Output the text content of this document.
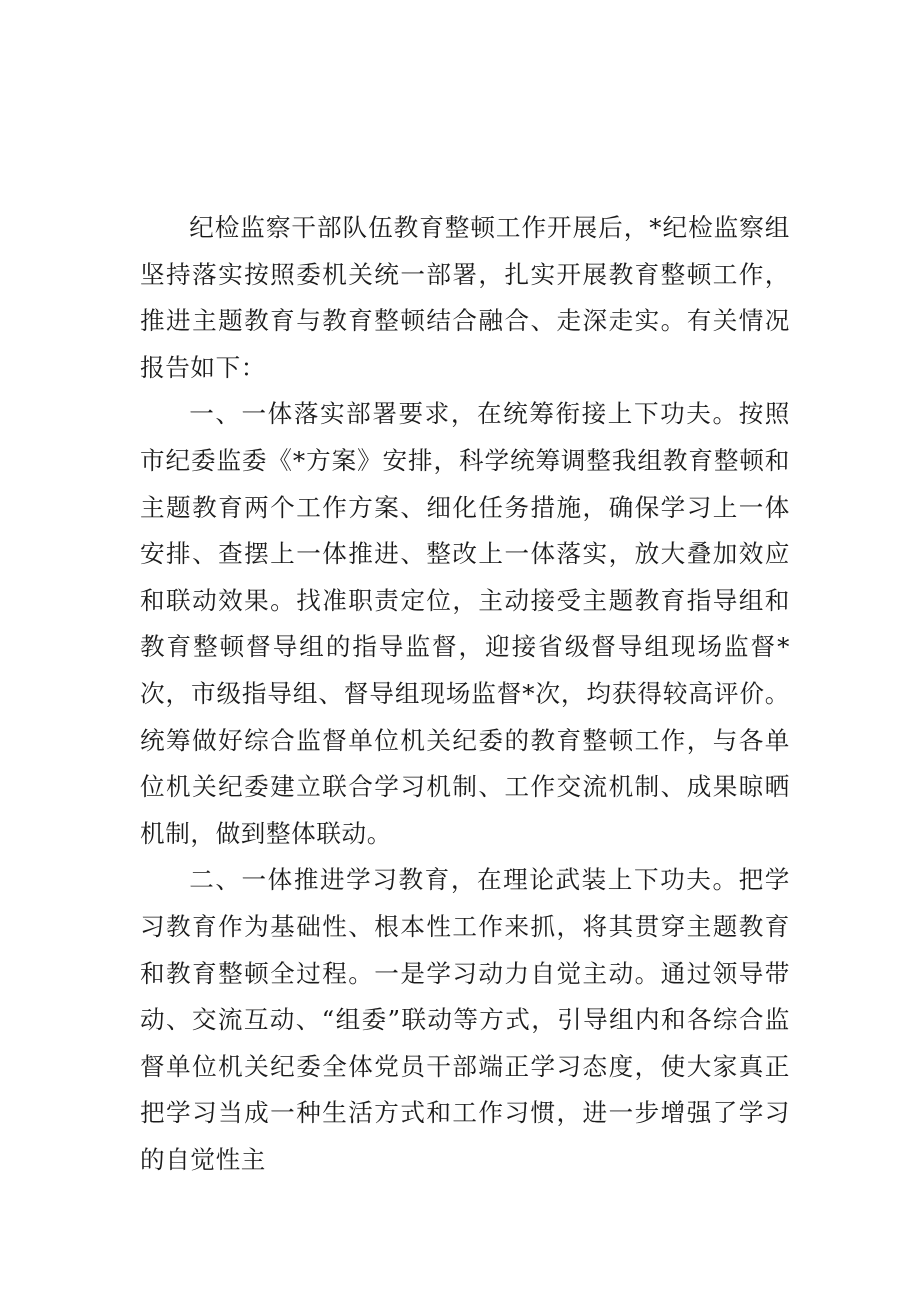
纪检监察干部队伍教育整顿工作开展后，*纪检监察组坚持落实按照委机关统一部署，扎实开展教育整顿工作，推进主题教育与教育整顿结合融合、走深走实。有关情况报告如下：

一、一体落实部署要求，在统筹衔接上下功夫。按照市纪委监委《*方案》安排，科学统筹调整我组教育整顿和主题教育两个工作方案、细化任务措施，确保学习上一体安排、查摆上一体推进、整改上一体落实，放大叠加效应和联动效果。找准职责定位，主动接受主题教育指导组和教育整顿督导组的指导监督，迎接省级督导组现场监督*次，市级指导组、督导组现场监督*次，均获得较高评价。统筹做好综合监督单位机关纪委的教育整顿工作，与各单位机关纪委建立联合学习机制、工作交流机制、成果晾晒机制，做到整体联动。

二、一体推进学习教育，在理论武装上下功夫。把学习教育作为基础性、根本性工作来抓，将其贯穿主题教育和教育整顿全过程。一是学习动力自觉主动。通过领导带动、交流互动、“组委”联动等方式，引导组内和各综合监督单位机关纪委全体党员干部端正学习态度，使大家真正把学习当成一种生活方式和工作习惯，进一步增强了学习的自觉性主
